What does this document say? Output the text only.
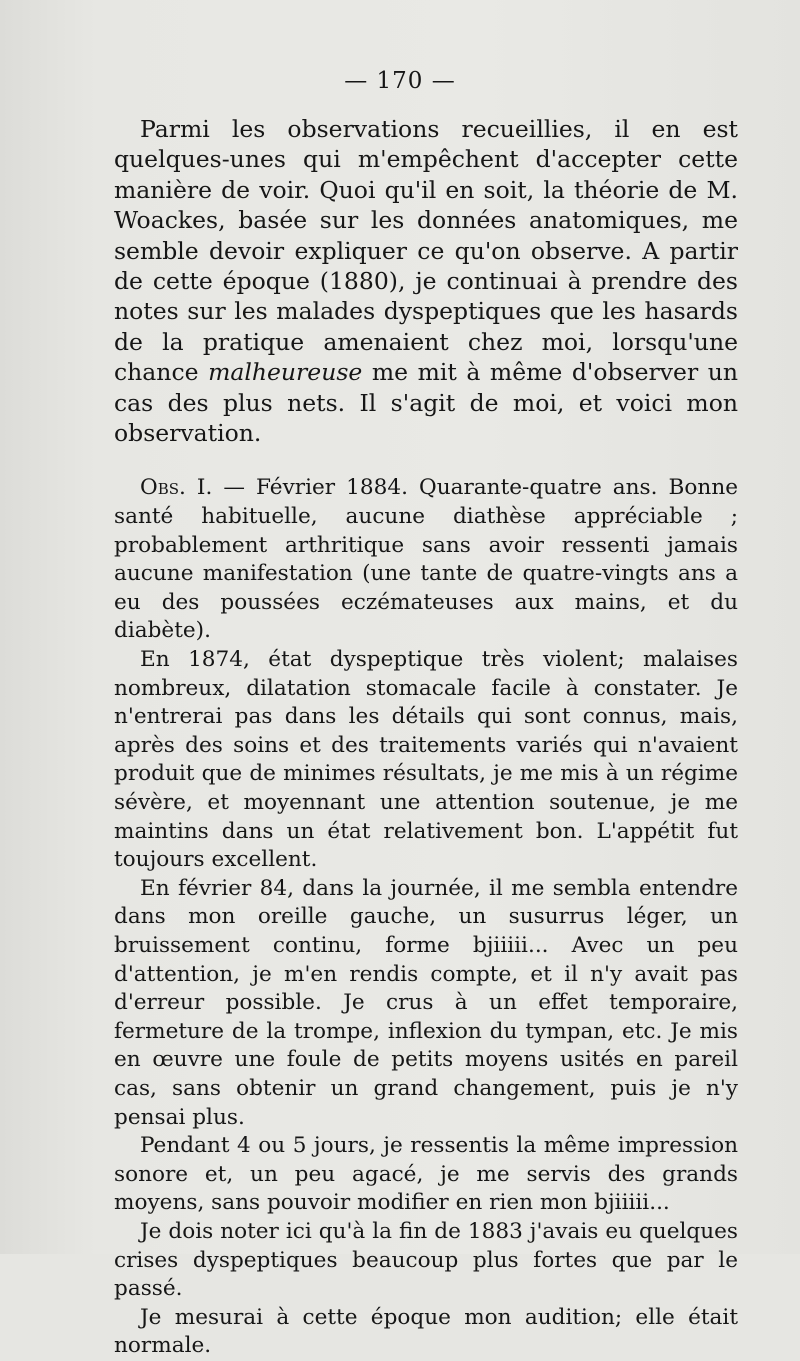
— 170 —

Parmi les observations recueillies, il en est quelques-unes qui m'empêchent d'accepter cette manière de voir. Quoi qu'il en soit, la théorie de M. Woackes, basée sur les données anatomiques, me semble devoir expliquer ce qu'on observe. A partir de cette époque (1880), je continuai à prendre des notes sur les malades dyspeptiques que les hasards de la pratique amenaient chez moi, lorsqu'une chance malheureuse me mit à même d'observer un cas des plus nets. Il s'agit de moi, et voici mon observation.

Obs. I. — Février 1884. Quarante-quatre ans. Bonne santé habituelle, aucune diathèse appréciable ; probablement arthritique sans avoir ressenti jamais aucune manifestation (une tante de quatre-vingts ans a eu des poussées eczémateuses aux mains, et du diabète).

En 1874, état dyspeptique très violent; malaises nombreux, dilatation stomacale facile à constater. Je n'entrerai pas dans les détails qui sont connus, mais, après des soins et des traitements variés qui n'avaient produit que de minimes résultats, je me mis à un régime sévère, et moyennant une attention soutenue, je me maintins dans un état relativement bon. L'appétit fut toujours excellent.

En février 84, dans la journée, il me sembla entendre dans mon oreille gauche, un susurrus léger, un bruissement continu, forme bjiiiii... Avec un peu d'attention, je m'en rendis compte, et il n'y avait pas d'erreur possible. Je crus à un effet temporaire, fermeture de la trompe, inflexion du tympan, etc. Je mis en œuvre une foule de petits moyens usités en pareil cas, sans obtenir un grand changement, puis je n'y pensai plus.

Pendant 4 ou 5 jours, je ressentis la même impression sonore et, un peu agacé, je me servis des grands moyens, sans pouvoir modifier en rien mon bjiiiii...

Je dois noter ici qu'à la fin de 1883 j'avais eu quelques crises dyspeptiques beaucoup plus fortes que par le passé.

Je mesurai à cette époque mon audition; elle était normale.
